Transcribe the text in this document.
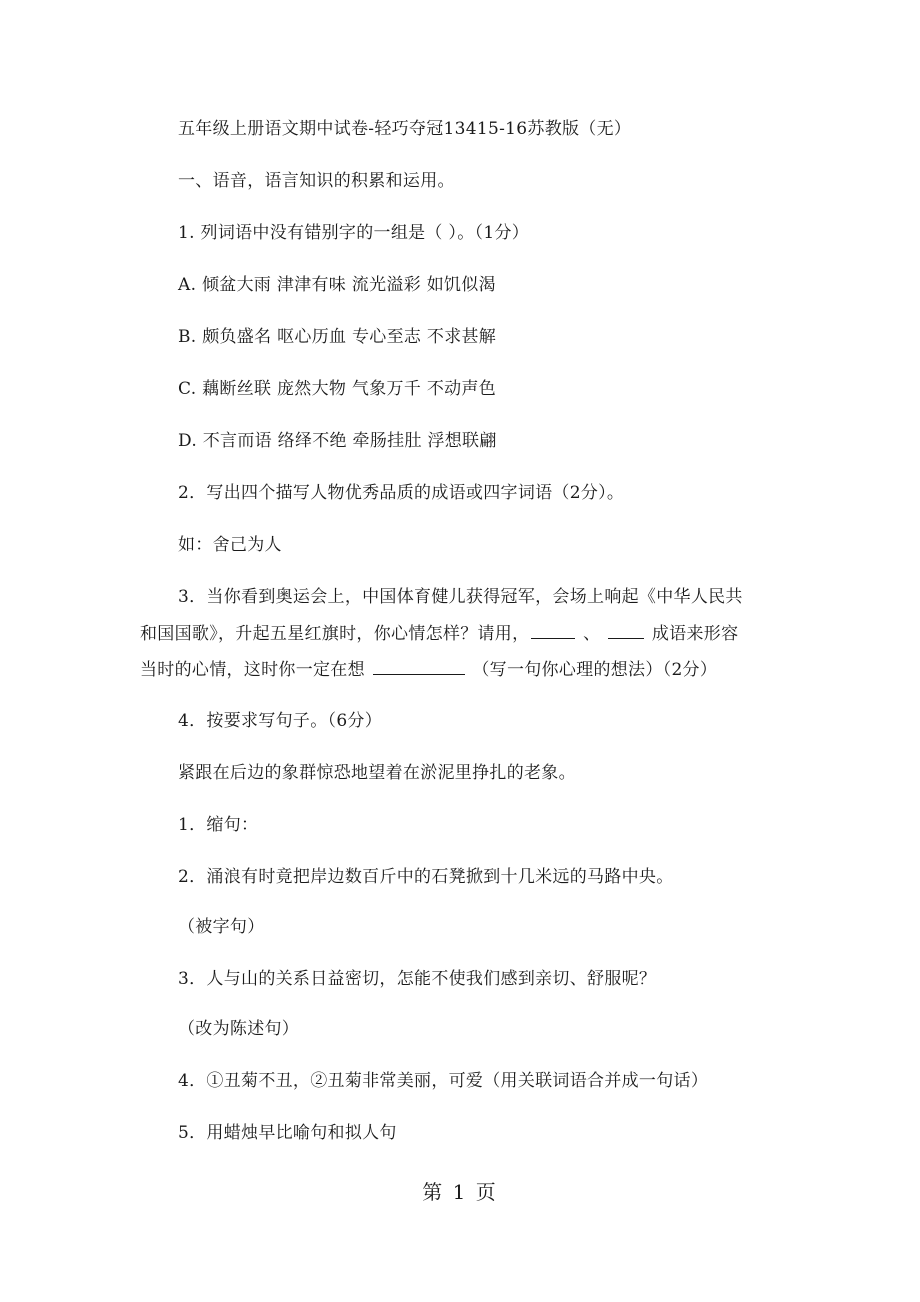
五年级上册语文期中试卷-轻巧夺冠13415-16苏教版（无）
一、语音，语言知识的积累和运用。
1. 列词语中没有错别字的一组是（ ）。（1分）
A. 倾盆大雨 津津有味 流光溢彩 如饥似渴
B. 颇负盛名 呕心历血 专心至志 不求甚解
C. 藕断丝联 庞然大物 气象万千 不动声色
D. 不言而语 络绎不绝 牵肠挂肚 浮想联翩
2．写出四个描写人物优秀品质的成语或四字词语（2分）。
如：舍己为人
3．当你看到奥运会上，中国体育健儿获得冠军，会场上响起《中华人民共
和国国歌》，升起五星红旗时，你心情怎样？请用，	、	成语来形容
当时的心情，这时你一定在想	（写一句你心理的想法）（2分）
4．按要求写句子。（6分）
紧跟在后边的象群惊恐地望着在淤泥里挣扎的老象。
1．缩句：
2．涌浪有时竟把岸边数百斤中的石凳掀到十几米远的马路中央。
（被字句）
3．人与山的关系日益密切，怎能不使我们感到亲切、舒服呢？
（改为陈述句）
4．①丑菊不丑，②丑菊非常美丽，可爱（用关联词语合并成一句话）
5．用蜡烛早比喻句和拟人句
第 1 页
